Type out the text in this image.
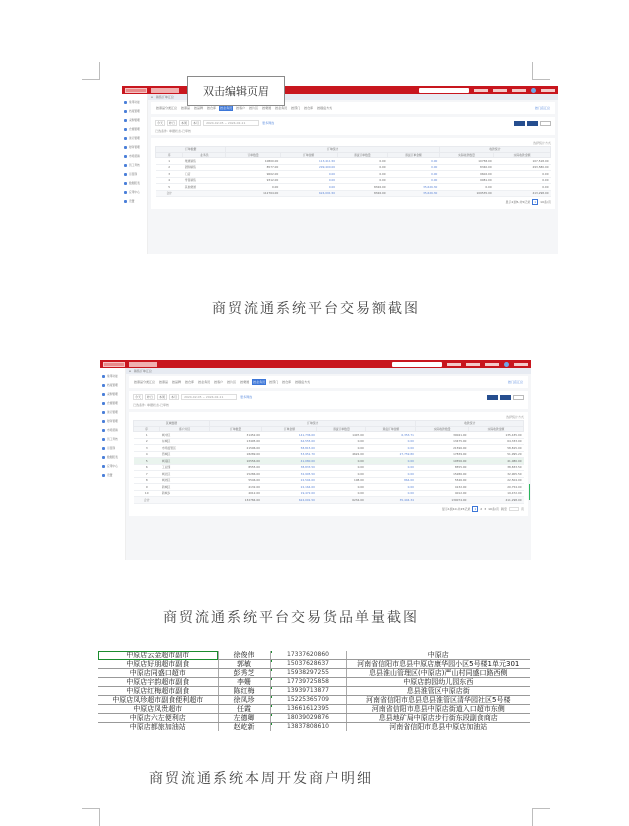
双击编辑页眉
常用功能
档案管理
采购管理
仓储管理
进运管理
财务管理
市场营销
员工考核
运营商
数据报表
应用中心
设置
⌂ 销售订单汇总
按商品分类汇总	按商品	按品牌	按仓库	按业务员	按客户	按片区	按渠道	按业务员	按部门	按仓库	按提货方式	按门店汇总
今天	昨日	本周	本月	2024-02-05 ~ 2024-02-11	更多筛选
已选条件: 单据状态-已审核
选择统计方式
订单数据		订单统计				收款统计	
序	业务员	订单数量	订单金额	退货订单数量	退货订单金额	实际收款数量	实际收款金额
1	渠道销售	10800.00	113,411.50	0.00	0.00	10758.00	107,518.00
2	团购销售	8577.00	299,400.00	0.00	0.00	8340.00	293,580.00
3	门店	9602.00	0.00	0.00	0.00	9602.00	0.00
4	零售销售	9312.00	0.00	0.00	0.00	9081.00	0.00
5	其他渠道	0.00	0.00	8326.00	35,626.30	0.00	0.00
合计		112764.00	624,091.50	8326.00	35,626.30	109535.00	413,298.00
显示1到5,共5记录	1	10条/页
商贸流通系统平台交易额截图
常用功能
档案管理
采购管理
仓储管理
进运管理
财务管理
市场营销
员工考核
运营商
数据报表
应用中心
设置
⌂ 销售订单汇总
按商品分类汇总	按商品	按品牌	按仓库	按业务员	按客户	按片区	按渠道	按业务员	按部门	按仓库	按提货方式	按门店汇总
今天	昨日	本周	本月	2024-02-05 ~ 2024-02-11	更多筛选
已选条件: 单据状态-已审核
选择统计方式
区域数据		订单统计				收款统计	
序	客户片区	订单数量	订单金额	退货订单数量	退货订单金额	实际收款数量	实际收款金额
1	城中区	31452.00	141,736.00	1407.00	6,353.71	30041.00	135,435.00
2	东城区	13495.00	64,555.00	0.00	0.00	13475.00	64,333.00
3	市场监管区	21596.00	58,815.00	0.00	0.00	21596.00	58,815.00
4	西城区	18289.00	53,951.70	4622.00	27,759.80	17839.00	51,995.20
5	城南区	10556.00	41,080.00	0.00	0.00	10556.00	41,080.00
6	工业园	8555.00	38,833.50	0.00	0.00	8555.00	38,833.50
7	城北区	15286.00	32,905.50	0.00	0.00	15286.00	32,905.50
8	城郊区	5546.00	22,504.00	108.00	864.00	5546.00	22,504.00
9	新城区	4132.00	22,164.00	0.00	0.00	4132.00	20,754.00
10	新城乡	4012.00	19,472.00	0.00	0.00	4012.00	19,472.00
合计		132784.00	624,091.50	6234.00	35,404.34	130074.00	411,298.00
显示1到10,共25记录	1	2 3 10条/页 跳至	页
商贸流通系统平台交易货品单量截图
中原店云金超市副市	徐俊伟	17337620860	中原店
中原店好朋超市副食	郭敏	15037628637	河南省信阳市息县中原店康华园小区5号楼1单元301
中原店同盛口超市	彭秀芝	15938297255	息县淮山管理区(中原店)严山村同盛口路西侧
中原店宇韵超市副食	李姗	17739725858	中原店韵园幼儿园东西
中原店红梅超市副食	陈红梅	13939713877	息县淮管区中原店街
中原店凤珍超市副食便利超市	徐凤珍	15225365709	河南省信阳市息县息县淮管区清华园社区5号楼
中原店凤贵超市	任霞	13661612395	河南省信阳市息县中原店街道入口超市东侧
中原店六左便利店	左德卿	18039029876	息县地矿局中原店步行街东段副食商店
中原店都旅加油站	赵屹新	13837808610	河南省信阳市息县中原店加油站
商贸流通系统本周开发商户明细
